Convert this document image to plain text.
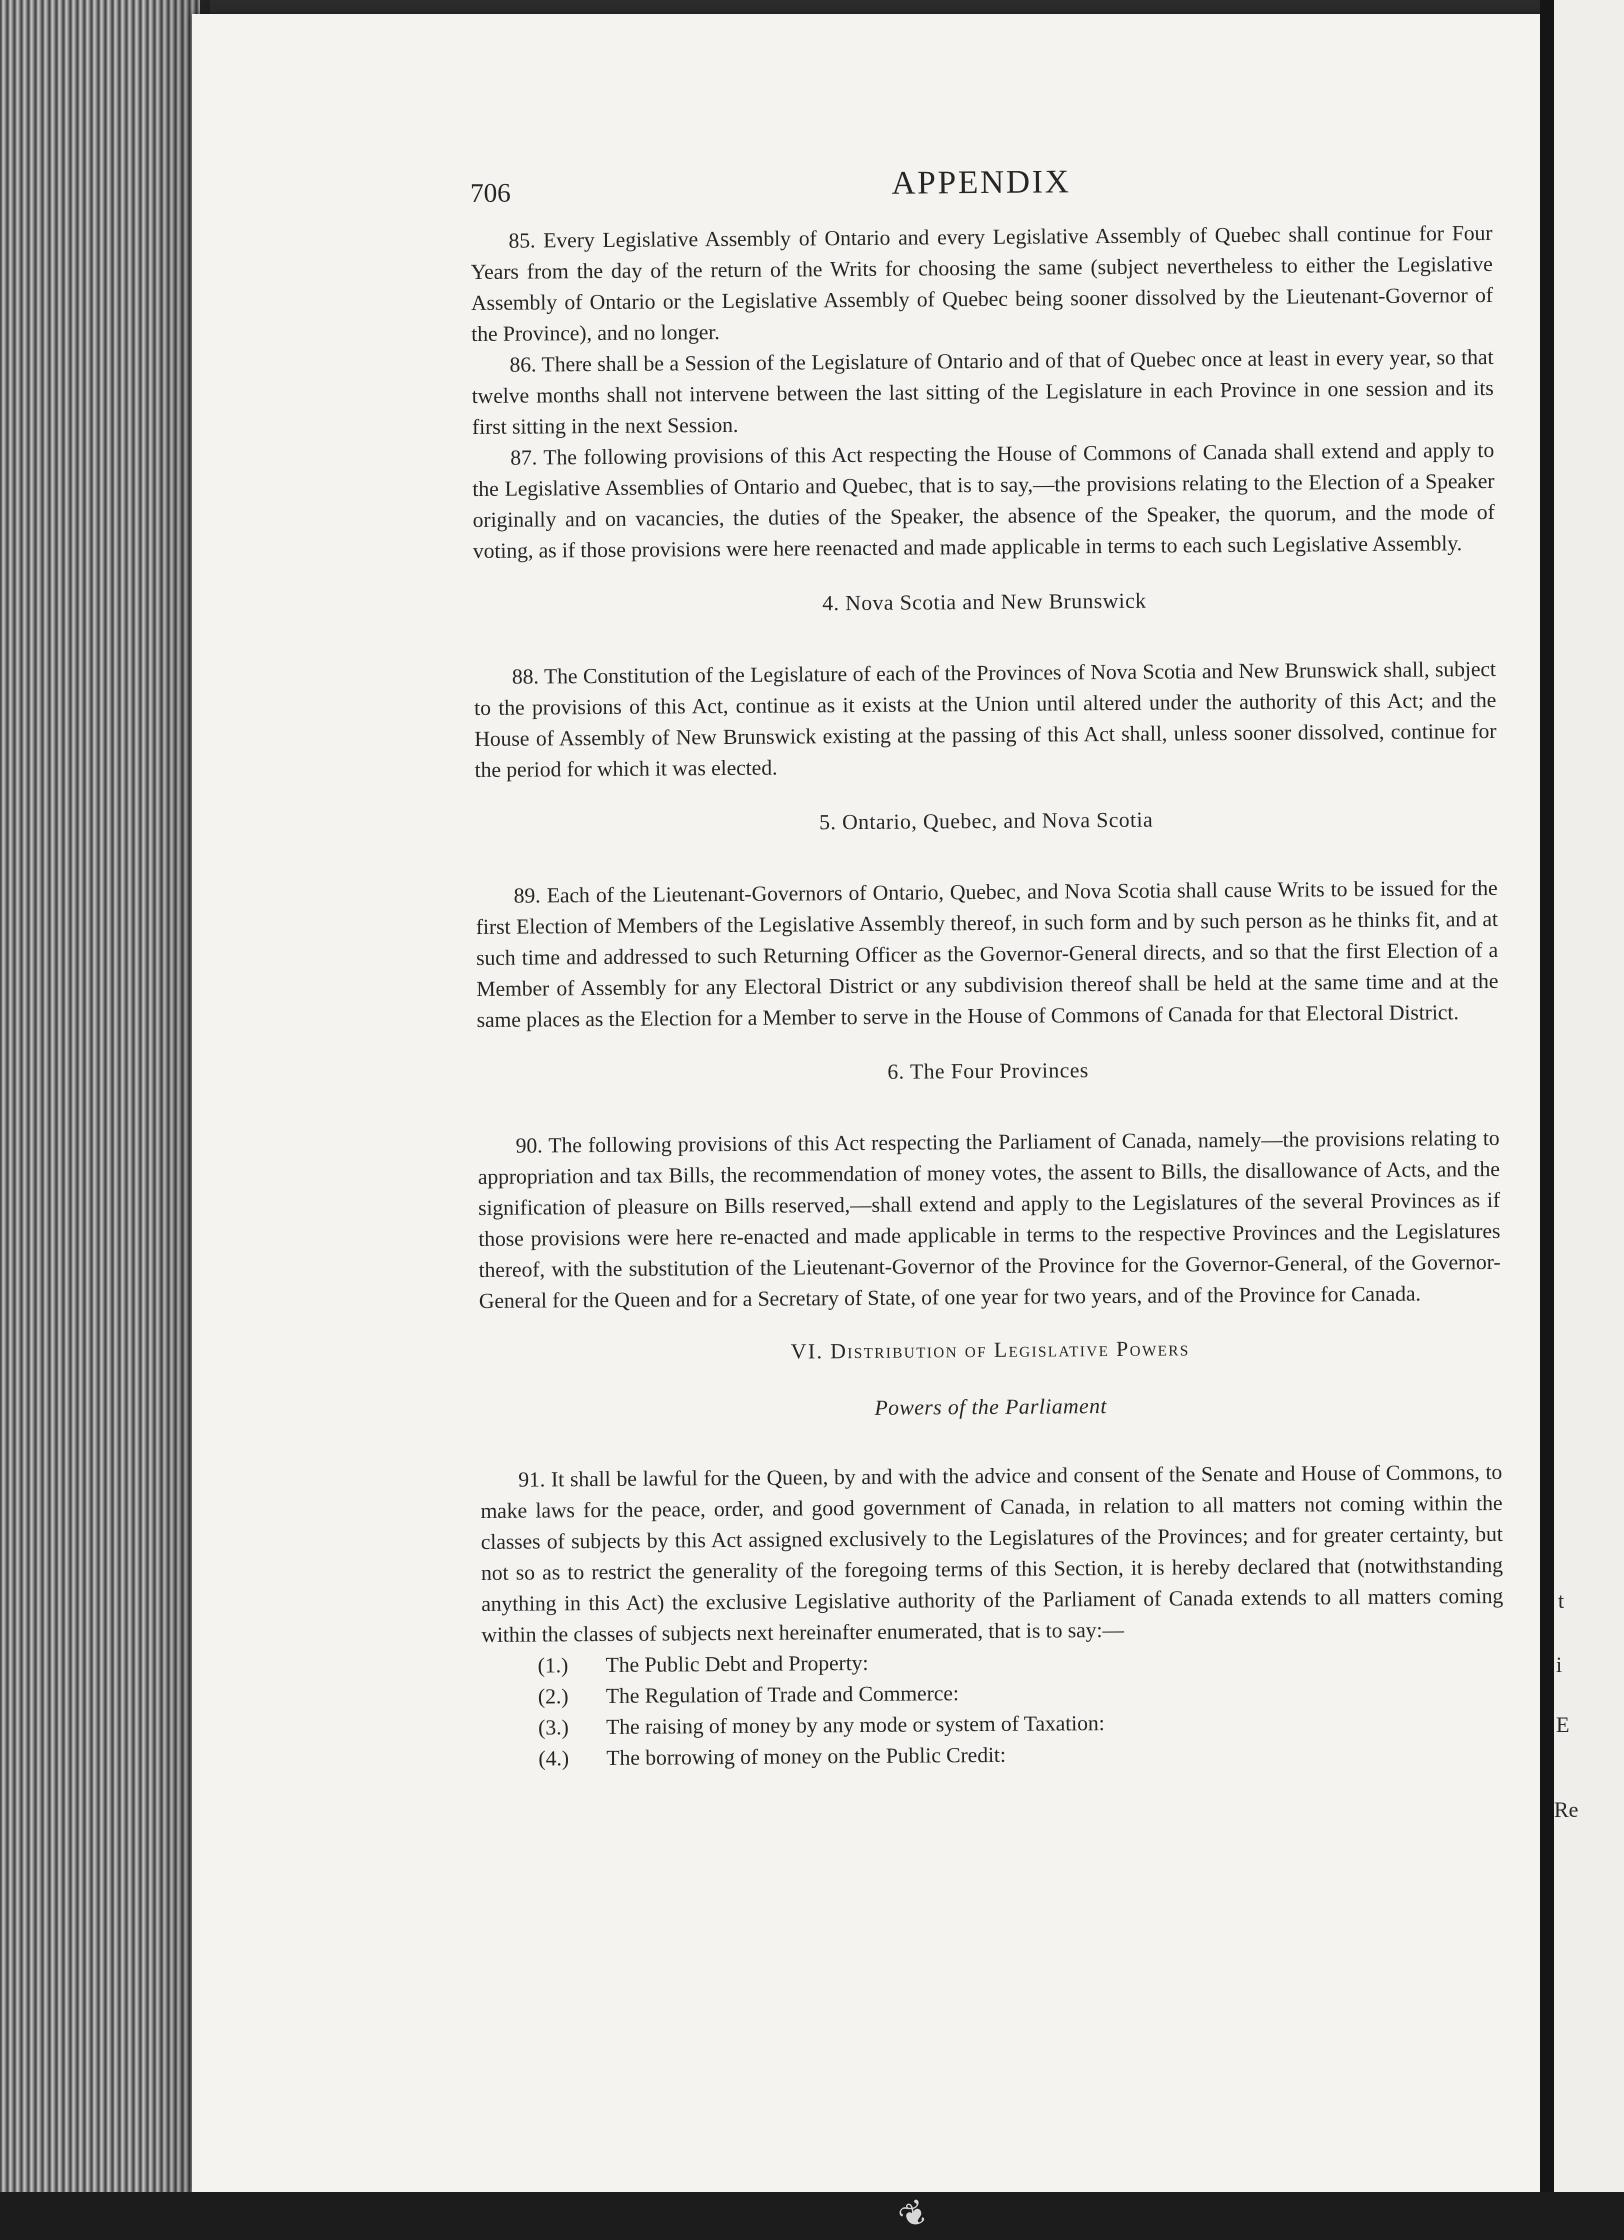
t
i
E
Re
❦
706	APPENDIX

85. Every Legislative Assembly of Ontario and every Legislative Assembly of Quebec shall continue for Four Years from the day of the return of the Writs for choosing the same (subject nevertheless to either the Legislative Assembly of Ontario or the Legislative Assembly of Quebec being sooner dissolved by the Lieutenant-Governor of the Province), and no longer.

86. There shall be a Session of the Legislature of Ontario and of that of Quebec once at least in every year, so that twelve months shall not intervene between the last sitting of the Legislature in each Province in one session and its first sitting in the next Session.

87. The following provisions of this Act respecting the House of Commons of Canada shall extend and apply to the Legislative Assemblies of Ontario and Quebec, that is to say,—the provisions relating to the Election of a Speaker originally and on vacancies, the duties of the Speaker, the absence of the Speaker, the quorum, and the mode of voting, as if those provisions were here reenacted and made applicable in terms to each such Legislative Assembly.

4. Nova Scotia and New Brunswick

88. The Constitution of the Legislature of each of the Provinces of Nova Scotia and New Brunswick shall, subject to the provisions of this Act, continue as it exists at the Union until altered under the authority of this Act; and the House of Assembly of New Brunswick existing at the passing of this Act shall, unless sooner dissolved, continue for the period for which it was elected.

5. Ontario, Quebec, and Nova Scotia

89. Each of the Lieutenant-Governors of Ontario, Quebec, and Nova Scotia shall cause Writs to be issued for the first Election of Members of the Legislative Assembly thereof, in such form and by such person as he thinks fit, and at such time and addressed to such Returning Officer as the Governor-General directs, and so that the first Election of a Member of Assembly for any Electoral District or any subdivision thereof shall be held at the same time and at the same places as the Election for a Member to serve in the House of Commons of Canada for that Electoral District.

6. The Four Provinces

90. The following provisions of this Act respecting the Parliament of Canada, namely—the provisions relating to appropriation and tax Bills, the recommendation of money votes, the assent to Bills, the disallowance of Acts, and the signification of pleasure on Bills reserved,—shall extend and apply to the Legislatures of the several Provinces as if those provisions were here re-enacted and made applicable in terms to the respective Provinces and the Legislatures thereof, with the substitution of the Lieutenant-Governor of the Province for the Governor-General, of the Governor-General for the Queen and for a Secretary of State, of one year for two years, and of the Province for Canada.

VI. Distribution of Legislative Powers
Powers of the Parliament

91. It shall be lawful for the Queen, by and with the advice and consent of the Senate and House of Commons, to make laws for the peace, order, and good government of Canada, in relation to all matters not coming within the classes of subjects by this Act assigned exclusively to the Legislatures of the Provinces; and for greater certainty, but not so as to restrict the generality of the foregoing terms of this Section, it is hereby declared that (notwithstanding anything in this Act) the exclusive Legislative authority of the Parliament of Canada extends to all matters coming within the classes of subjects next hereinafter enumerated, that is to say:—

(1.) The Public Debt and Property:
(2.) The Regulation of Trade and Commerce:
(3.) The raising of money by any mode or system of Taxation:
(4.) The borrowing of money on the Public Credit:
